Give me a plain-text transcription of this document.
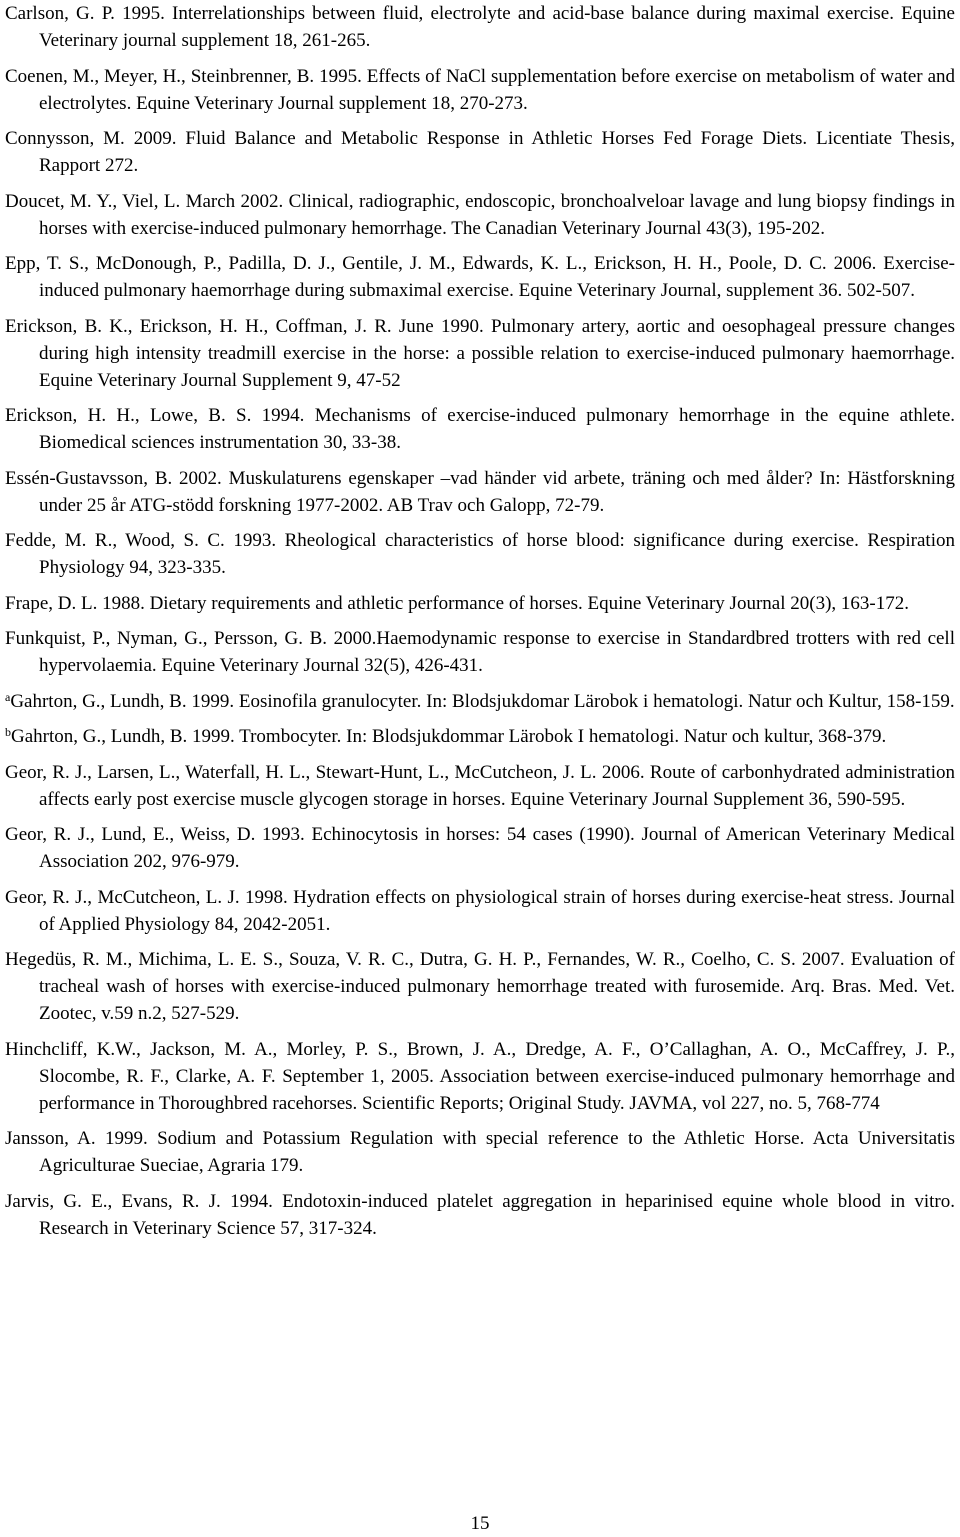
Carlson, G. P. 1995. Interrelationships between fluid, electrolyte and acid-base balance during maximal exercise. Equine Veterinary journal supplement 18, 261-265.

Coenen, M., Meyer, H., Steinbrenner, B. 1995. Effects of NaCl supplementation before exercise on metabolism of water and electrolytes. Equine Veterinary Journal supplement 18, 270-273.

Connysson, M. 2009. Fluid Balance and Metabolic Response in Athletic Horses Fed Forage Diets. Licentiate Thesis, Rapport 272.

Doucet, M. Y., Viel, L. March 2002. Clinical, radiographic, endoscopic, bronchoalveloar lavage and lung biopsy findings in horses with exercise-induced pulmonary hemorrhage. The Canadian Veterinary Journal 43(3), 195-202.

Epp, T. S., McDonough, P., Padilla, D. J., Gentile, J. M., Edwards, K. L., Erickson, H. H., Poole, D. C. 2006. Exercise-induced pulmonary haemorrhage during submaximal exercise. Equine Veterinary Journal, supplement 36. 502-507.

Erickson, B. K., Erickson, H. H., Coffman, J. R. June 1990. Pulmonary artery, aortic and oesophageal pressure changes during high intensity treadmill exercise in the horse: a possible relation to exercise-induced pulmonary haemorrhage. Equine Veterinary Journal Supplement 9, 47-52

Erickson, H. H., Lowe, B. S. 1994. Mechanisms of exercise-induced pulmonary hemorrhage in the equine athlete. Biomedical sciences instrumentation 30, 33-38.

Essén-Gustavsson, B. 2002. Muskulaturens egenskaper –vad händer vid arbete, träning och med ålder? In: Hästforskning under 25 år ATG-stödd forskning 1977-2002. AB Trav och Galopp, 72-79.

Fedde, M. R., Wood, S. C. 1993. Rheological characteristics of horse blood: significance during exercise. Respiration Physiology 94, 323-335.

Frape, D. L. 1988. Dietary requirements and athletic performance of horses. Equine Veterinary Journal 20(3), 163-172.

Funkquist, P., Nyman, G., Persson, G. B. 2000.Haemodynamic response to exercise in Standardbred trotters with red cell hypervolaemia. Equine Veterinary Journal 32(5), 426-431.

$^a$Gahrton, G., Lundh, B. 1999. Eosinofila granulocyter. In: Blodsjukdomar Lärobok i hematologi. Natur och Kultur, 158-159.

$^b$Gahrton, G., Lundh, B. 1999. Trombocyter. In: Blodsjukdommar Lärobok I hematologi. Natur och kultur, 368-379.

Geor, R. J., Larsen, L., Waterfall, H. L., Stewart-Hunt, L., McCutcheon, J. L. 2006. Route of carbonhydrated administration affects early post exercise muscle glycogen storage in horses. Equine Veterinary Journal Supplement 36, 590-595.

Geor, R. J., Lund, E., Weiss, D. 1993. Echinocytosis in horses: 54 cases (1990). Journal of American Veterinary Medical Association 202, 976-979.

Geor, R. J., McCutcheon, L. J. 1998. Hydration effects on physiological strain of horses during exercise-heat stress. Journal of Applied Physiology 84, 2042-2051.

Hegedüs, R. M., Michima, L. E. S., Souza, V. R. C., Dutra, G. H. P., Fernandes, W. R., Coelho, C. S. 2007. Evaluation of tracheal wash of horses with exercise-induced pulmonary hemorrhage treated with furosemide. Arq. Bras. Med. Vet. Zootec, v.59 n.2, 527-529.

Hinchcliff, K.W., Jackson, M. A., Morley, P. S., Brown, J. A., Dredge, A. F., O’Callaghan, A. O., McCaffrey, J. P., Slocombe, R. F., Clarke, A. F. September 1, 2005. Association between exercise-induced pulmonary hemorrhage and performance in Thoroughbred racehorses. Scientific Reports; Original Study. JAVMA, vol 227, no. 5, 768-774

Jansson, A. 1999. Sodium and Potassium Regulation with special reference to the Athletic Horse. Acta Universitatis Agriculturae Sueciae, Agraria 179.

Jarvis, G. E., Evans, R. J. 1994. Endotoxin-induced platelet aggregation in heparinised equine whole blood in vitro. Research in Veterinary Science 57, 317-324.

15
